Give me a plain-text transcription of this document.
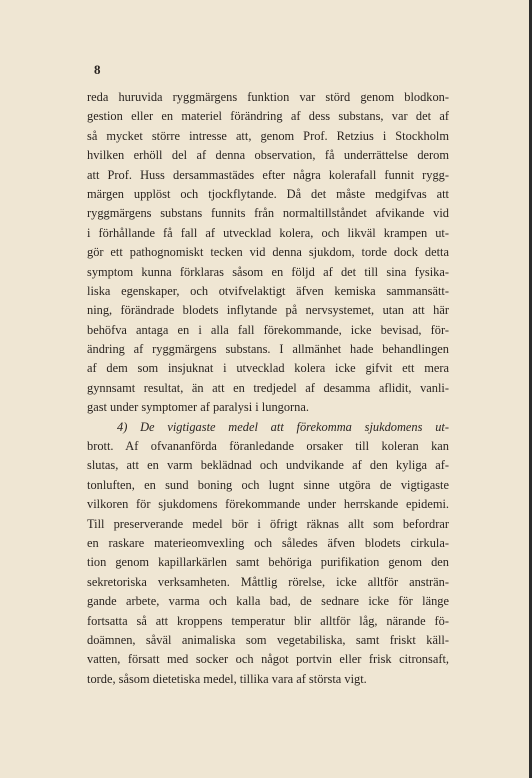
8
reda huruvida ryggmärgens funktion var störd genom blodkon-
gestion eller en materiel förändring af dess substans, var det af
så mycket större intresse att, genom Prof. Retzius i Stockholm
hvilken erhöll del af denna observation, få underrättelse derom
att Prof. Huss dersammastädes efter några kolerafall funnit rygg-
märgen upplöst och tjockflytande. Då det måste medgifvas att
ryggmärgens substans funnits från normaltillståndet afvikande vid
i förhållande få fall af utvecklad kolera, och likväl krampen ut-
gör ett pathognomiskt tecken vid denna sjukdom, torde dock detta
symptom kunna förklaras såsom en följd af det till sina fysika-
liska egenskaper, och otvifvelaktigt äfven kemiska sammansätt-
ning, förändrade blodets inflytande på nervsystemet, utan att här
behöfva antaga en i alla fall förekommande, icke bevisad, för-
ändring af ryggmärgens substans. I allmänhet hade behandlingen
af dem som insjuknat i utvecklad kolera icke gifvit ett mera
gynnsamt resultat, än att en tredjedel af desamma aflidit, vanli-
gast under symptomer af paralysi i lungorna.
4) De vigtigaste medel att förekomma sjukdomens ut-
brott. Af ofvananförda föranledande orsaker till koleran kan
slutas, att en varm beklädnad och undvikande af den kyliga af-
tonluften, en sund boning och lugnt sinne utgöra de vigtigaste
vilkoren för sjukdomens förekommande under herrskande epidemi.
Till preserverande medel bör i öfrigt räknas allt som befordrar
en raskare materieomvexling och således äfven blodets cirkula-
tion genom kapillarkärlen samt behöriga purifikation genom den
sekretoriska verksamheten. Måttlig rörelse, icke alltför ansträn-
gande arbete, varma och kalla bad, de sednare icke för länge
fortsatta så att kroppens temperatur blir alltför låg, närande fö-
doämnen, såväl animaliska som vegetabiliska, samt friskt käll-
vatten, försatt med socker och något portvin eller frisk citronsaft,
torde, såsom dietetiska medel, tillika vara af största vigt.
